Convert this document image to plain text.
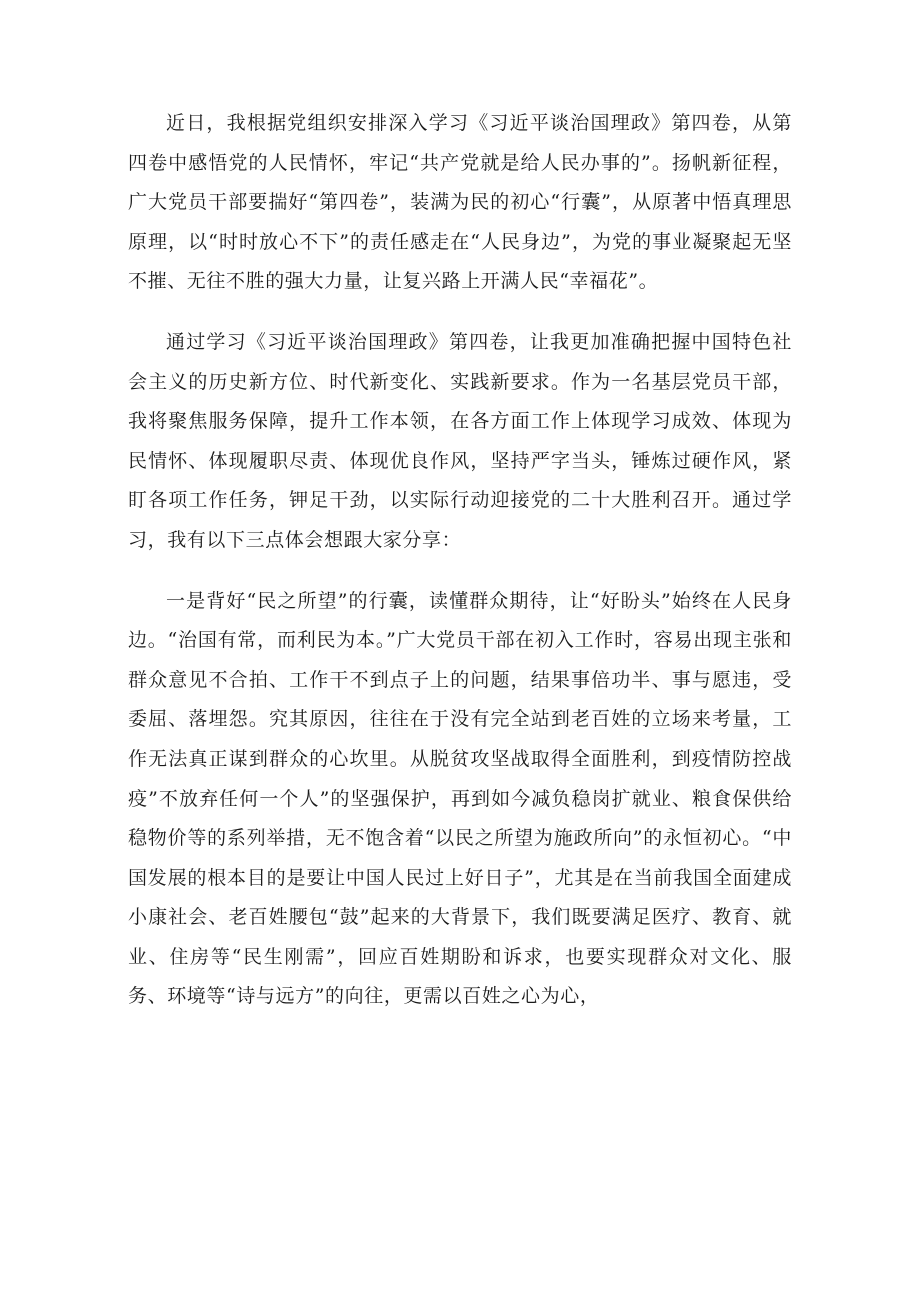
近日，我根据党组织安排深入学习《习近平谈治国理政》第四卷，从第四卷中感悟党的人民情怀，牢记“共产党就是给人民办事的”。扬帆新征程，广大党员干部要揣好“第四卷”，装满为民的初心“行囊”，从原著中悟真理思原理，以“时时放心不下”的责任感走在“人民身边”，为党的事业凝聚起无坚不摧、无往不胜的强大力量，让复兴路上开满人民“幸福花”。

通过学习《习近平谈治国理政》第四卷，让我更加准确把握中国特色社会主义的历史新方位、时代新变化、实践新要求。作为一名基层党员干部，我将聚焦服务保障，提升工作本领，在各方面工作上体现学习成效、体现为民情怀、体现履职尽责、体现优良作风，坚持严字当头，锤炼过硬作风，紧盯各项工作任务，钾足干劲，以实际行动迎接党的二十大胜利召开。通过学习，我有以下三点体会想跟大家分享：

一是背好“民之所望”的行囊，读懂群众期待，让“好盼头”始终在人民身边。“治国有常，而利民为本。”广大党员干部在初入工作时，容易出现主张和群众意见不合拍、工作干不到点子上的问题，结果事倍功半、事与愿违，受委屈、落埋怨。究其原因，往往在于没有完全站到老百姓的立场来考量，工作无法真正谋到群众的心坎里。从脱贫攻坚战取得全面胜利，到疫情防控战疫”不放弃任何一个人”的坚强保护，再到如今减负稳岗扩就业、粮食保供给稳物价等的系列举措，无不饱含着“以民之所望为施政所向”的永恒初心。“中国发展的根本目的是要让中国人民过上好日子”，尤其是在当前我国全面建成小康社会、老百姓腰包“鼓”起来的大背景下，我们既要满足医疗、教育、就业、住房等“民生刚需”，回应百姓期盼和诉求，也要实现群众对文化、服务、环境等“诗与远方”的向往，更需以百姓之心为心，
